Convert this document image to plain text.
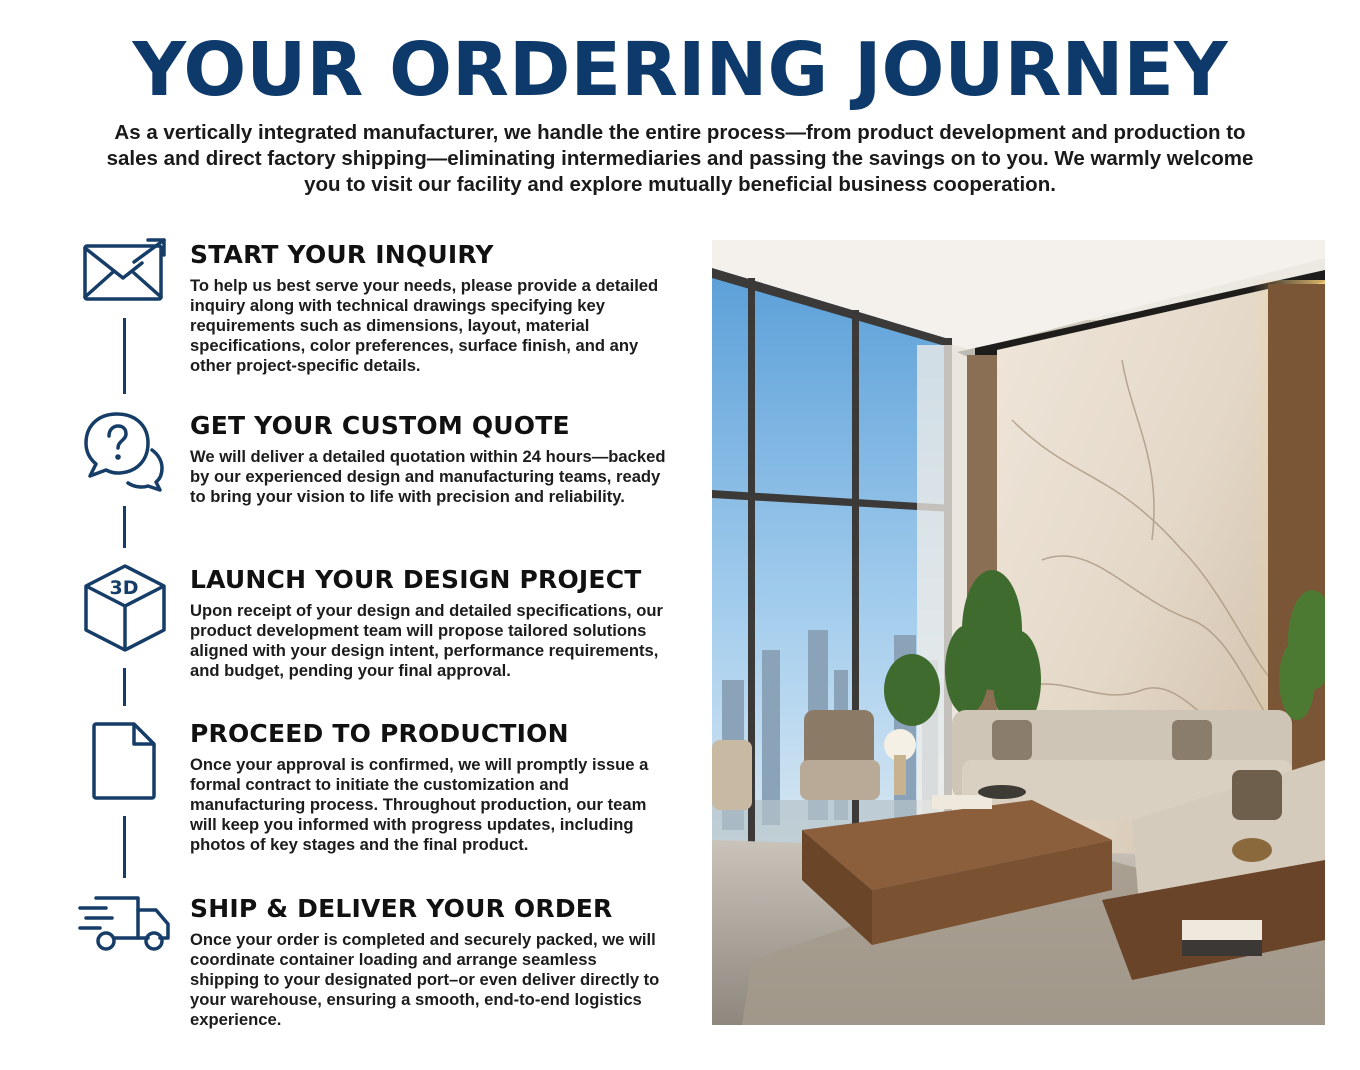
YOUR ORDERING JOURNEY

As a vertically integrated manufacturer, we handle the entire process—from product development and production to sales and direct factory shipping—eliminating intermediaries and passing the savings on to you. We warmly welcome you to visit our facility and explore mutually beneficial business cooperation.

START YOUR INQUIRY
To help us best serve your needs, please provide a detailed inquiry along with technical drawings specifying key requirements such as dimensions, layout, material specifications, color preferences, surface finish, and any other project-specific details.
GET YOUR CUSTOM QUOTE
We will deliver a detailed quotation within 24 hours—backed by our experienced design and manufacturing teams, ready to bring your vision to life with precision and reliability.
3D LAUNCH YOUR DESIGN PROJECT
Upon receipt of your design and detailed specifications, our product development team will propose tailored solutions aligned with your design intent, performance requirements, and budget, pending your final approval.
PROCEED TO PRODUCTION
Once your approval is confirmed, we will promptly issue a formal contract to initiate the customization and manufacturing process. Throughout production, our team will keep you informed with progress updates, including photos of key stages and the final product.
SHIP & DELIVER YOUR ORDER
Once your order is completed and securely packed, we will coordinate container loading and arrange seamless shipping to your designated port–or even deliver directly to your warehouse, ensuring a smooth, end-to-end logistics experience.
